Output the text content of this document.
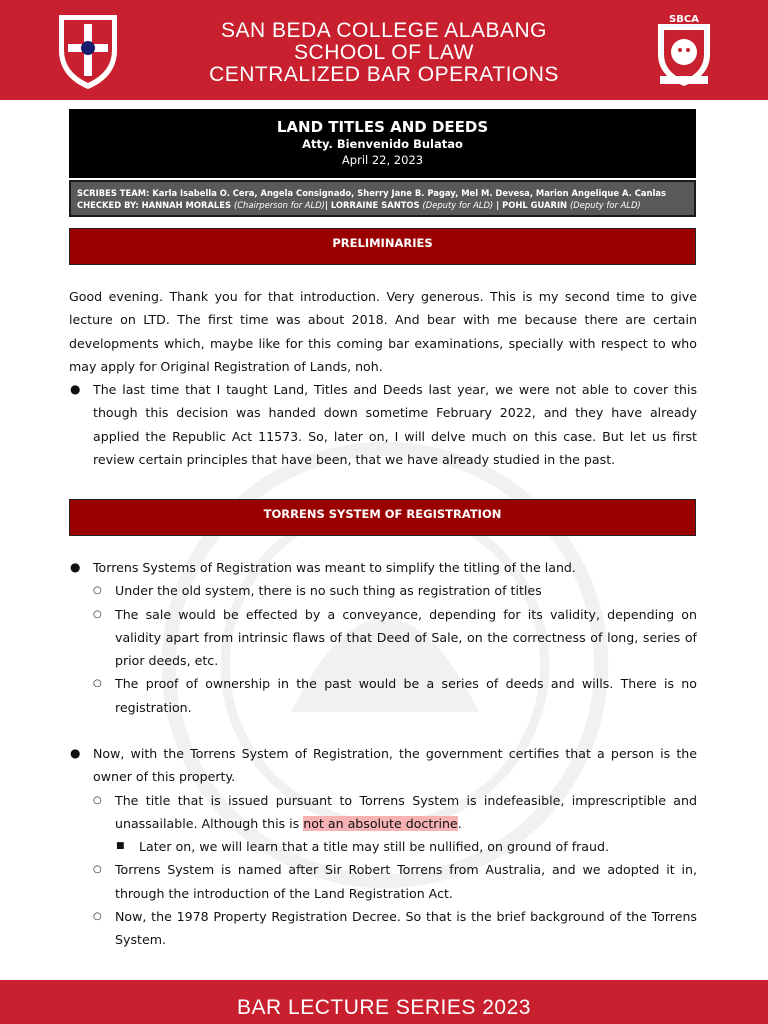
SAN BEDA COLLEGE ALABANG
SCHOOL OF LAW
CENTRALIZED BAR OPERATIONS
SBCA
LAND TITLES AND DEEDS
Atty. Bienvenido Bulatao
April 22, 2023
SCRIBES TEAM: Karla Isabella O. Cera, Angela Consignado, Sherry Jane B. Pagay, Mel M. Devesa, Marion Angelique A. Canlas
CHECKED BY: HANNAH MORALES (Chairperson for ALD)| LORRAINE SANTOS (Deputy for ALD) | POHL GUARIN (Deputy for ALD)
PRELIMINARIES

Good evening. Thank you for that introduction. Very generous. This is my second time to give lecture on LTD. The first time was about 2018. And bear with me because there are certain developments which, maybe like for this coming bar examinations, specially with respect to who may apply for Original Registration of Lands, noh.

● The last time that I taught Land, Titles and Deeds last year, we were not able to cover this though this decision was handed down sometime February 2022, and they have already applied the Republic Act 11573. So, later on, I will delve much on this case. But let us first review certain principles that have been, that we have already studied in the past.
TORRENS SYSTEM OF REGISTRATION
● Torrens Systems of Registration was meant to simplify the titling of the land.
○ Under the old system, there is no such thing as registration of titles
○ The sale would be effected by a conveyance, depending for its validity, depending on validity apart from intrinsic flaws of that Deed of Sale, on the correctness of long, series of prior deeds, etc.
○ The proof of ownership in the past would be a series of deeds and wills. There is no registration.
● Now, with the Torrens System of Registration, the government certifies that a person is the owner of this property.
○ The title that is issued pursuant to Torrens System is indefeasible, imprescriptible and unassailable. Although this is not an absolute doctrine.
■ Later on, we will learn that a title may still be nullified, on ground of fraud.
○ Torrens System is named after Sir Robert Torrens from Australia, and we adopted it in, through the introduction of the Land Registration Act.
○ Now, the 1978 Property Registration Decree. So that is the brief background of the Torrens System.
BAR LECTURE SERIES 2023
